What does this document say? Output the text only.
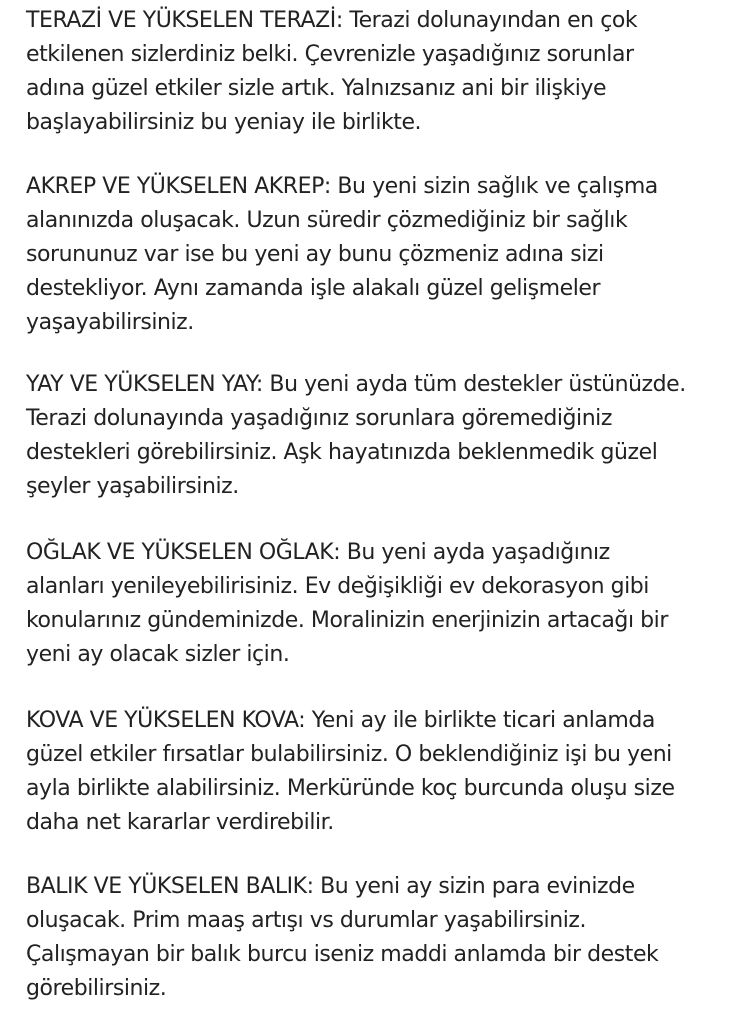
TERAZİ VE YÜKSELEN TERAZİ: Terazi dolunayından en çok
etkilenen sizlerdiniz belki. Çevrenizle yaşadığınız sorunlar
adına güzel etkiler sizle artık. Yalnızsanız ani bir ilişkiye
başlayabilirsiniz bu yeniay ile birlikte.
AKREP VE YÜKSELEN AKREP: Bu yeni sizin sağlık ve çalışma
alanınızda oluşacak. Uzun süredir çözmediğiniz bir sağlık
sorununuz var ise bu yeni ay bunu çözmeniz adına sizi
destekliyor. Aynı zamanda işle alakalı güzel gelişmeler
yaşayabilirsiniz.
YAY VE YÜKSELEN YAY: Bu yeni ayda tüm destekler üstünüzde.
Terazi dolunayında yaşadığınız sorunlara göremediğiniz
destekleri görebilirsiniz. Aşk hayatınızda beklenmedik güzel
şeyler yaşabilirsiniz.
OĞLAK VE YÜKSELEN OĞLAK: Bu yeni ayda yaşadığınız
alanları yenileyebilirisiniz. Ev değişikliği ev dekorasyon gibi
konularınız gündeminizde. Moralinizin enerjinizin artacağı bir
yeni ay olacak sizler için.
KOVA VE YÜKSELEN KOVA: Yeni ay ile birlikte ticari anlamda
güzel etkiler fırsatlar bulabilirsiniz. O beklendiğiniz işi bu yeni
ayla birlikte alabilirsiniz. Merküründe koç burcunda oluşu size
daha net kararlar verdirebilir.
BALIK VE YÜKSELEN BALIK: Bu yeni ay sizin para evinizde
oluşacak. Prim maaş artışı vs durumlar yaşabilirsiniz.
Çalışmayan bir balık burcu iseniz maddi anlamda bir destek
görebilirsiniz.
